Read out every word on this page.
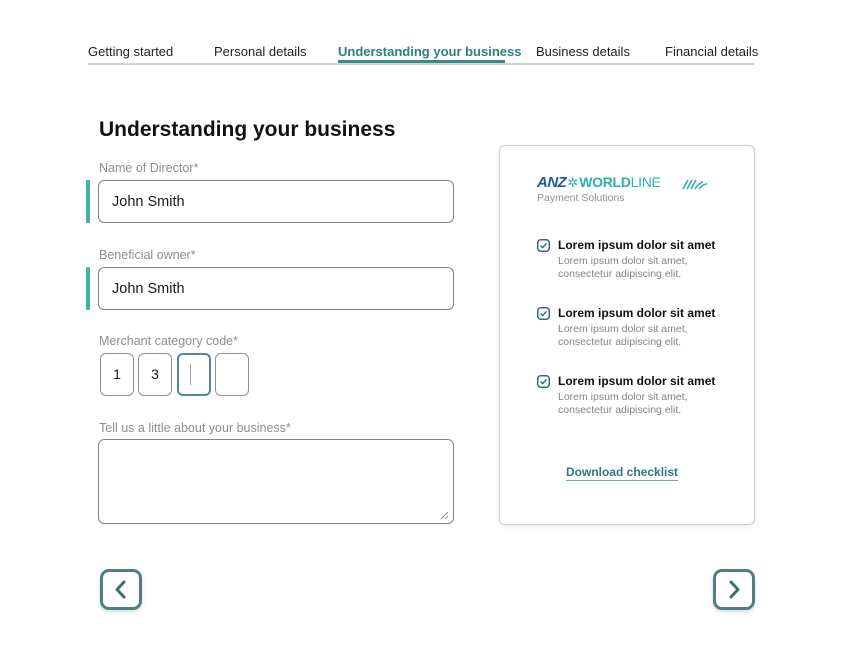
Getting started	Personal details Understanding your business Business details	Financial details
Understanding your business
Name of Director*
John Smith
Beneficial owner*
John Smith
Merchant category code*
1	3
Tell us a little about your business*
ANZ✲WORLDLINE
Payment Solutions
Lorem ipsum dolor sit amet
Lorem ipsum dolor sit amet, consectetur adipiscing elit.
Lorem ipsum dolor sit amet
Lorem ipsum dolor sit amet, consectetur adipiscing elit.
Lorem ipsum dolor sit amet
Lorem ipsum dolor sit amet, consectetur adipiscing elit.
Download checklist
